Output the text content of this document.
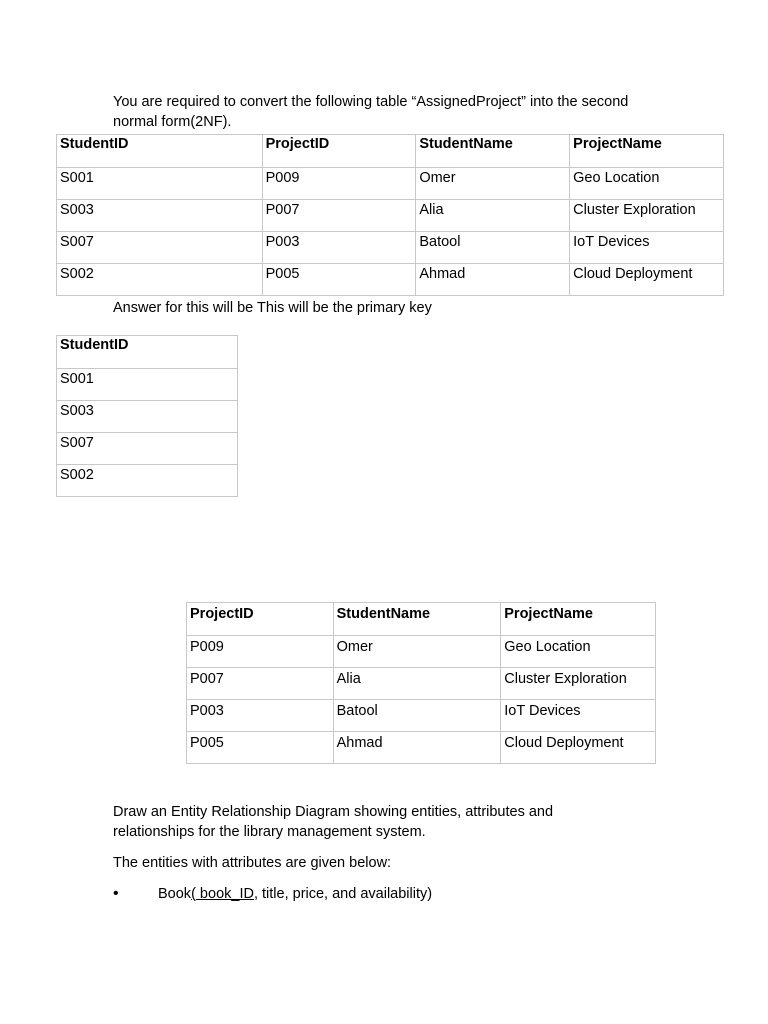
You are required to convert the following table “AssignedProject” into the second
normal form(2NF).

StudentID	ProjectID	StudentName	ProjectName
S001	P009	Omer	Geo Location
S003	P007	Alia	Cluster Exploration
S007	P003	Batool	IoT Devices
S002	P005	Ahmad	Cloud Deployment

Answer for this will be This will be the primary key

StudentID
S001
S003
S007
S002
ProjectID	StudentName	ProjectName
P009	Omer	Geo Location
P007	Alia	Cluster Exploration
P003	Batool	IoT Devices
P005	Ahmad	Cloud Deployment

Draw an Entity Relationship Diagram showing entities, attributes and
relationships for the library management system.

The entities with attributes are given below:

•	Book( book_ID, title, price, and availability)
